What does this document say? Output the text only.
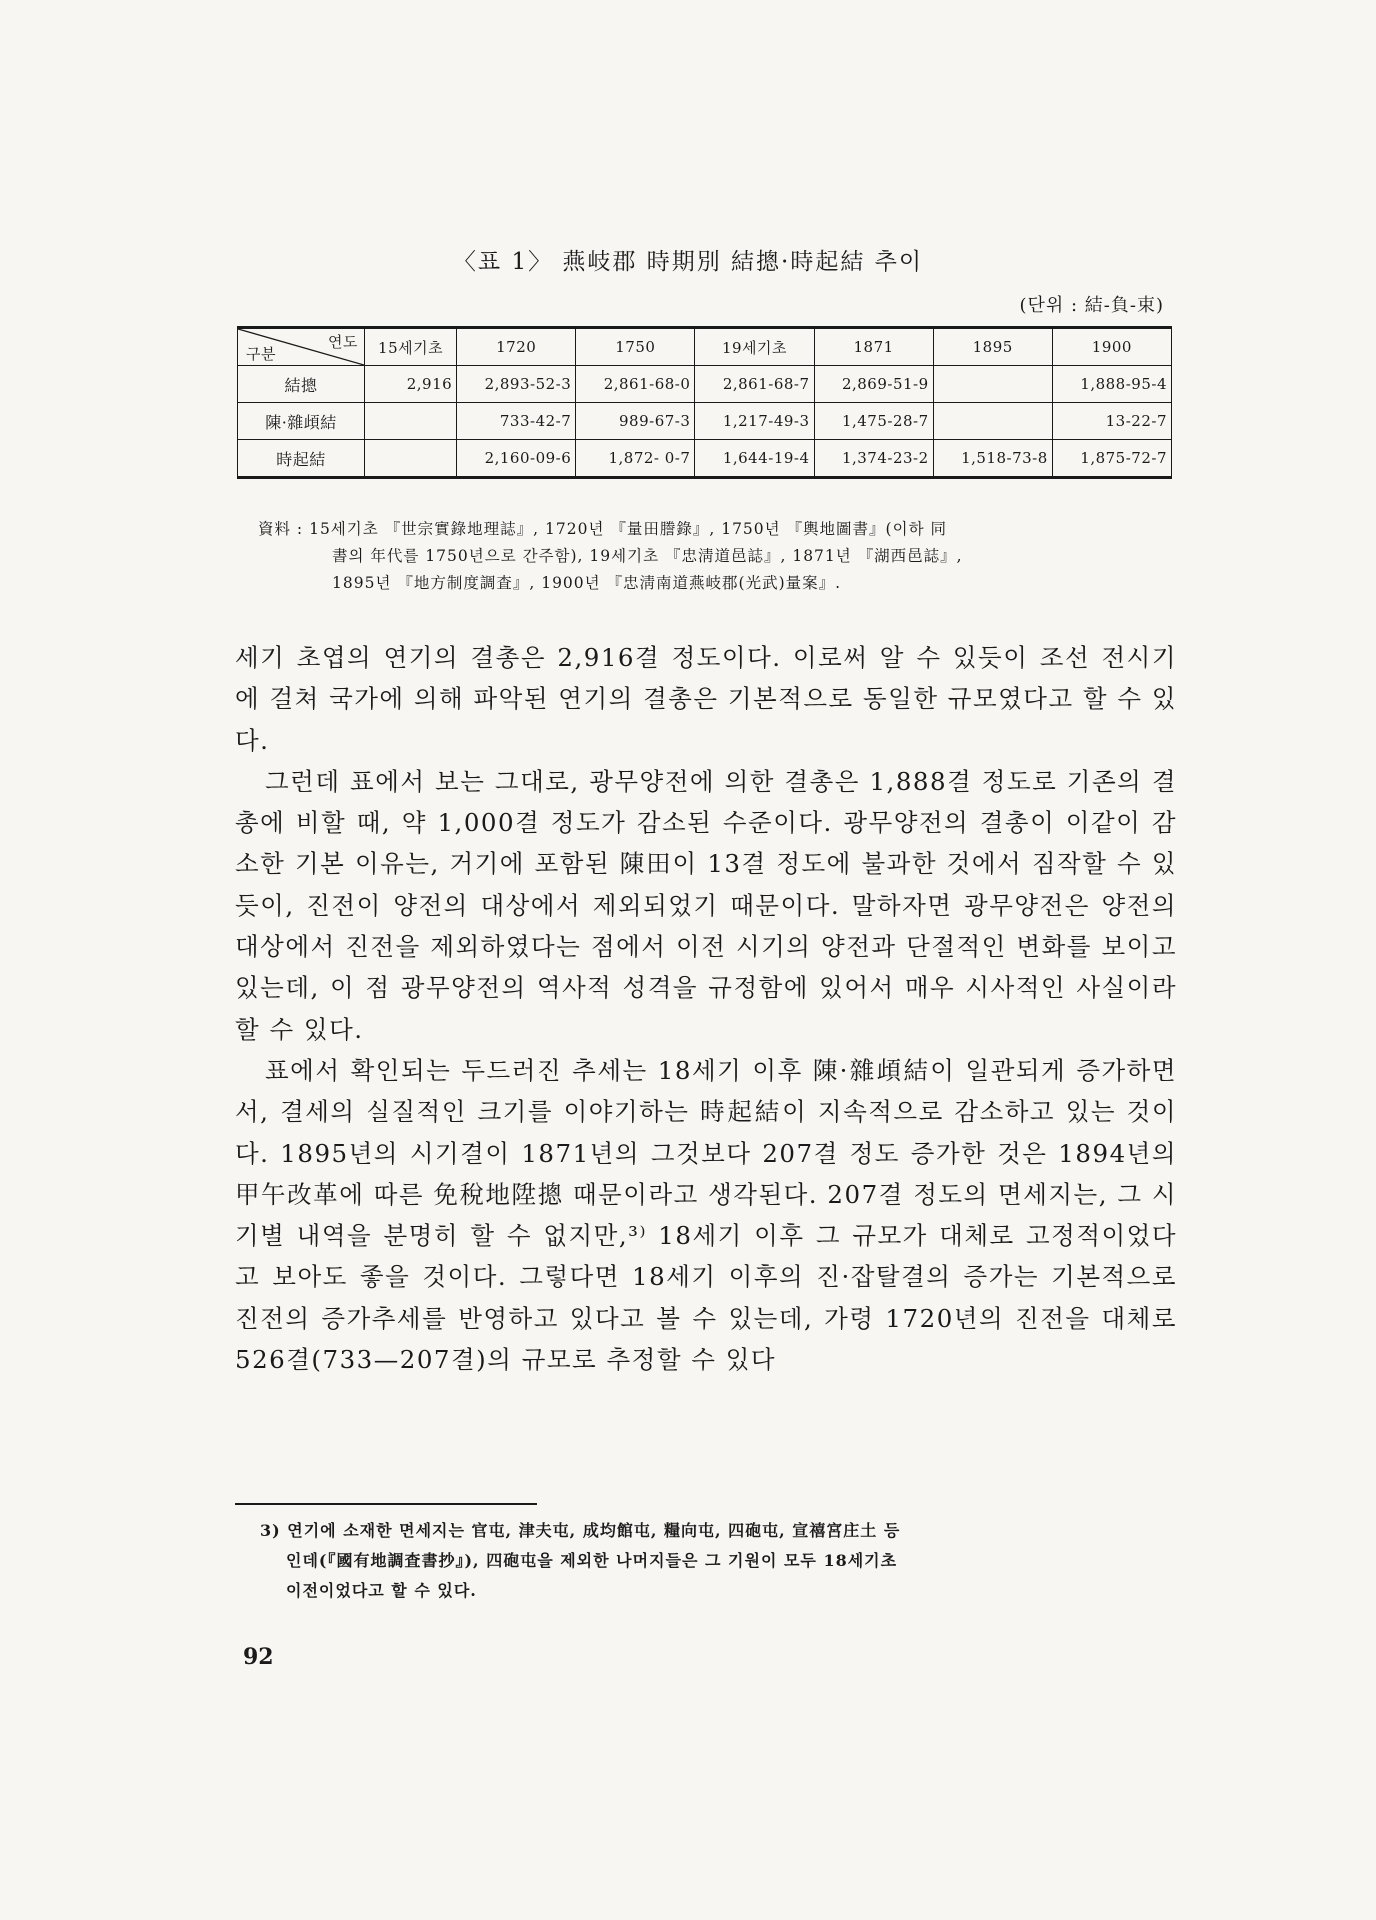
〈표 1〉 燕岐郡 時期別 結摠·時起結 추이
(단위 : 結-負-束)
연도
구분	15세기초	1720	1750	19세기초	1871	1895	1900
結摠	2,916	2,893-52-3	2,861-68-0	2,861-68-7	2,869-51-9		1,888-95-4
陳·雜頉結		733-42-7	989-67-3	1,217-49-3	1,475-28-7		13-22-7
時起結		2,160-09-6	1,872- 0-7	1,644-19-4	1,374-23-2	1,518-73-8	1,875-72-7

資料 : 15세기초 『世宗實錄地理誌』, 1720년 『量田謄錄』, 1750년 『輿地圖書』(이하 同

書의 年代를 1750년으로 간주함), 19세기초 『忠淸道邑誌』, 1871년 『湖西邑誌』,

1895년 『地方制度調査』, 1900년 『忠淸南道燕岐郡(光武)量案』.

세기 초엽의 연기의 결총은 2,916결 정도이다. 이로써 알 수 있듯이 조선 전시기에 걸쳐 국가에 의해 파악된 연기의 결총은 기본적으로 동일한 규모였다고 할 수 있다.

그런데 표에서 보는 그대로, 광무양전에 의한 결총은 1,888결 정도로 기존의 결총에 비할 때, 약 1,000결 정도가 감소된 수준이다. 광무양전의 결총이 이같이 감소한 기본 이유는, 거기에 포함된 陳田이 13결 정도에 불과한 것에서 짐작할 수 있듯이, 진전이 양전의 대상에서 제외되었기 때문이다. 말하자면 광무양전은 양전의 대상에서 진전을 제외하였다는 점에서 이전 시기의 양전과 단절적인 변화를 보이고 있는데, 이 점 광무양전의 역사적 성격을 규정함에 있어서 매우 시사적인 사실이라 할 수 있다.

표에서 확인되는 두드러진 추세는 18세기 이후 陳·雜頉結이 일관되게 증가하면서, 결세의 실질적인 크기를 이야기하는 時起結이 지속적으로 감소하고 있는 것이다. 1895년의 시기결이 1871년의 그것보다 207결 정도 증가한 것은 1894년의 甲午改革에 따른 免稅地陞摠 때문이라고 생각된다. 207결 정도의 면세지는, 그 시기별 내역을 분명히 할 수 없지만,³⁾ 18세기 이후 그 규모가 대체로 고정적이었다고 보아도 좋을 것이다. 그렇다면 18세기 이후의 진·잡탈결의 증가는 기본적으로 진전의 증가추세를 반영하고 있다고 볼 수 있는데, 가령 1720년의 진전을 대체로 526결(733—207결)의 규모로 추정할 수 있다

3) 연기에 소재한 면세지는 官屯, 津夫屯, 成均館屯, 糧向屯, 四砲屯, 宣禧宮庄土 등

인데(『國有地調査書抄』), 四砲屯을 제외한 나머지들은 그 기원이 모두 18세기초

이전이었다고 할 수 있다.

92
